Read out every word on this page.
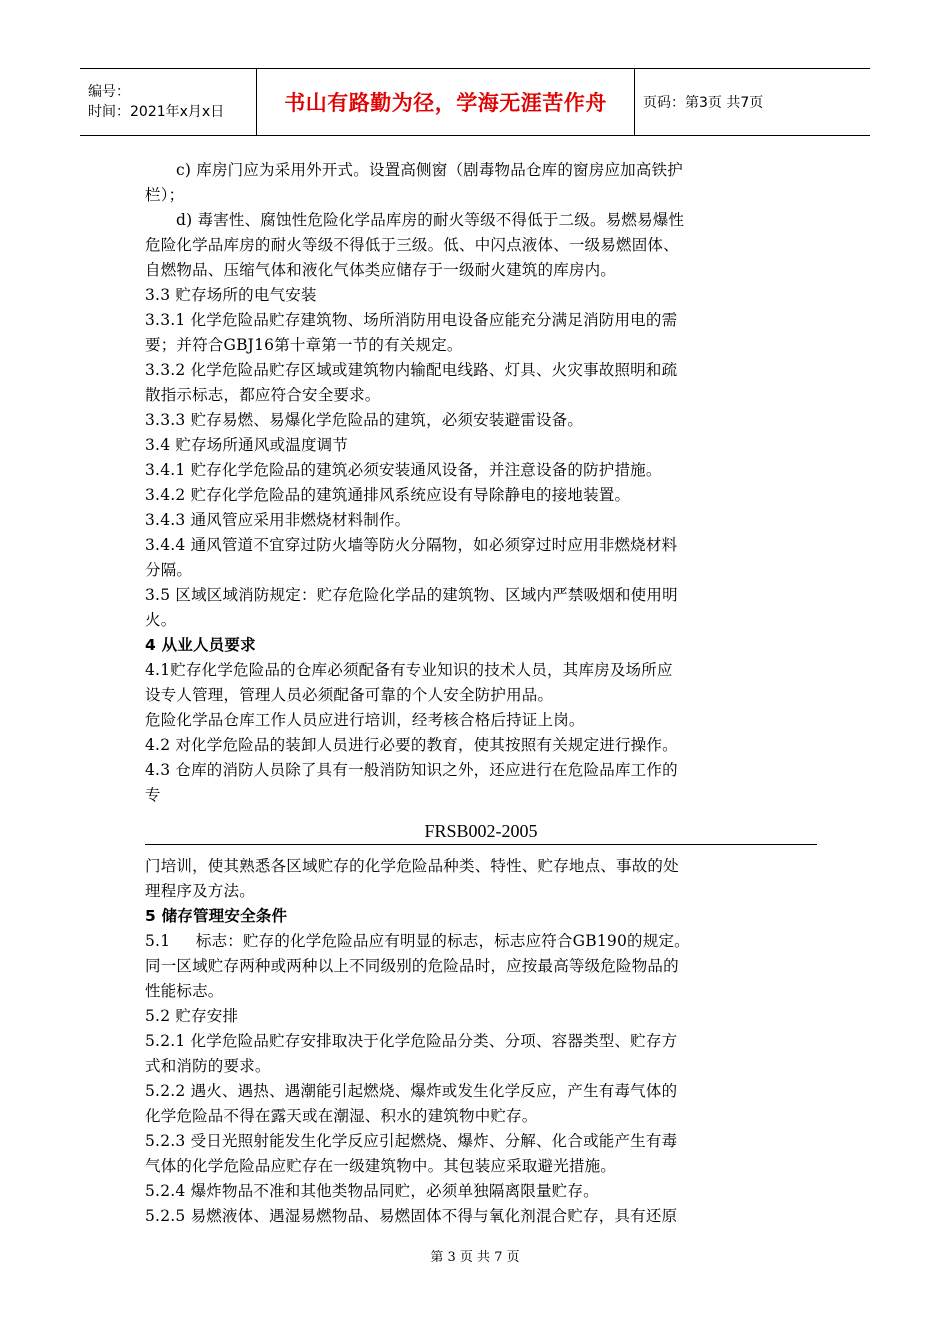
编号：
时间：2021年x月x日	书山有路勤为径，学海无涯苦作舟	页码：第3页 共7页

c) 库房门应为采用外开式。设置高侧窗（剧毒物品仓库的窗房应加高铁护

栏）；

d) 毒害性、腐蚀性危险化学品库房的耐火等级不得低于二级。易燃易爆性

危险化学品库房的耐火等级不得低于三级。低、中闪点液体、一级易燃固体、

自燃物品、压缩气体和液化气体类应储存于一级耐火建筑的库房内。

3.3 贮存场所的电气安装

3.3.1 化学危险品贮存建筑物、场所消防用电设备应能充分满足消防用电的需

要；并符合GBJ16第十章第一节的有关规定。

3.3.2 化学危险品贮存区域或建筑物内输配电线路、灯具、火灾事故照明和疏

散指示标志，都应符合安全要求。

3.3.3 贮存易燃、易爆化学危险品的建筑，必须安装避雷设备。

3.4 贮存场所通风或温度调节

3.4.1 贮存化学危险品的建筑必须安装通风设备，并注意设备的防护措施。

3.4.2 贮存化学危险品的建筑通排风系统应设有导除静电的接地装置。

3.4.3 通风管应采用非燃烧材料制作。

3.4.4 通风管道不宜穿过防火墙等防火分隔物，如必须穿过时应用非燃烧材料

分隔。

3.5 区域区域消防规定：贮存危险化学品的建筑物、区域内严禁吸烟和使用明

火。

4 从业人员要求

4.1贮存化学危险品的仓库必须配备有专业知识的技术人员，其库房及场所应

设专人管理，管理人员必须配备可靠的个人安全防护用品。

危险化学品仓库工作人员应进行培训，经考核合格后持证上岗。

4.2 对化学危险品的装卸人员进行必要的教育，使其按照有关规定进行操作。

4.3 仓库的消防人员除了具有一般消防知识之外，还应进行在危险品库工作的

专

FRSB002-2005

门培训，使其熟悉各区域贮存的化学危险品种类、特性、贮存地点、事故的处

理程序及方法。

5 储存管理安全条件

5.1     标志：贮存的化学危险品应有明显的标志，标志应符合GB190的规定。

同一区域贮存两种或两种以上不同级别的危险品时，应按最高等级危险物品的

性能标志。

5.2 贮存安排

5.2.1 化学危险品贮存安排取决于化学危险品分类、分项、容器类型、贮存方

式和消防的要求。

5.2.2 遇火、遇热、遇潮能引起燃烧、爆炸或发生化学反应，产生有毒气体的

化学危险品不得在露天或在潮湿、积水的建筑物中贮存。

5.2.3 受日光照射能发生化学反应引起燃烧、爆炸、分解、化合或能产生有毒

气体的化学危险品应贮存在一级建筑物中。其包装应采取避光措施。

5.2.4 爆炸物品不准和其他类物品同贮，必须单独隔离限量贮存。

5.2.5 易燃液体、遇湿易燃物品、易燃固体不得与氧化剂混合贮存，具有还原

第 3 页 共 7 页
